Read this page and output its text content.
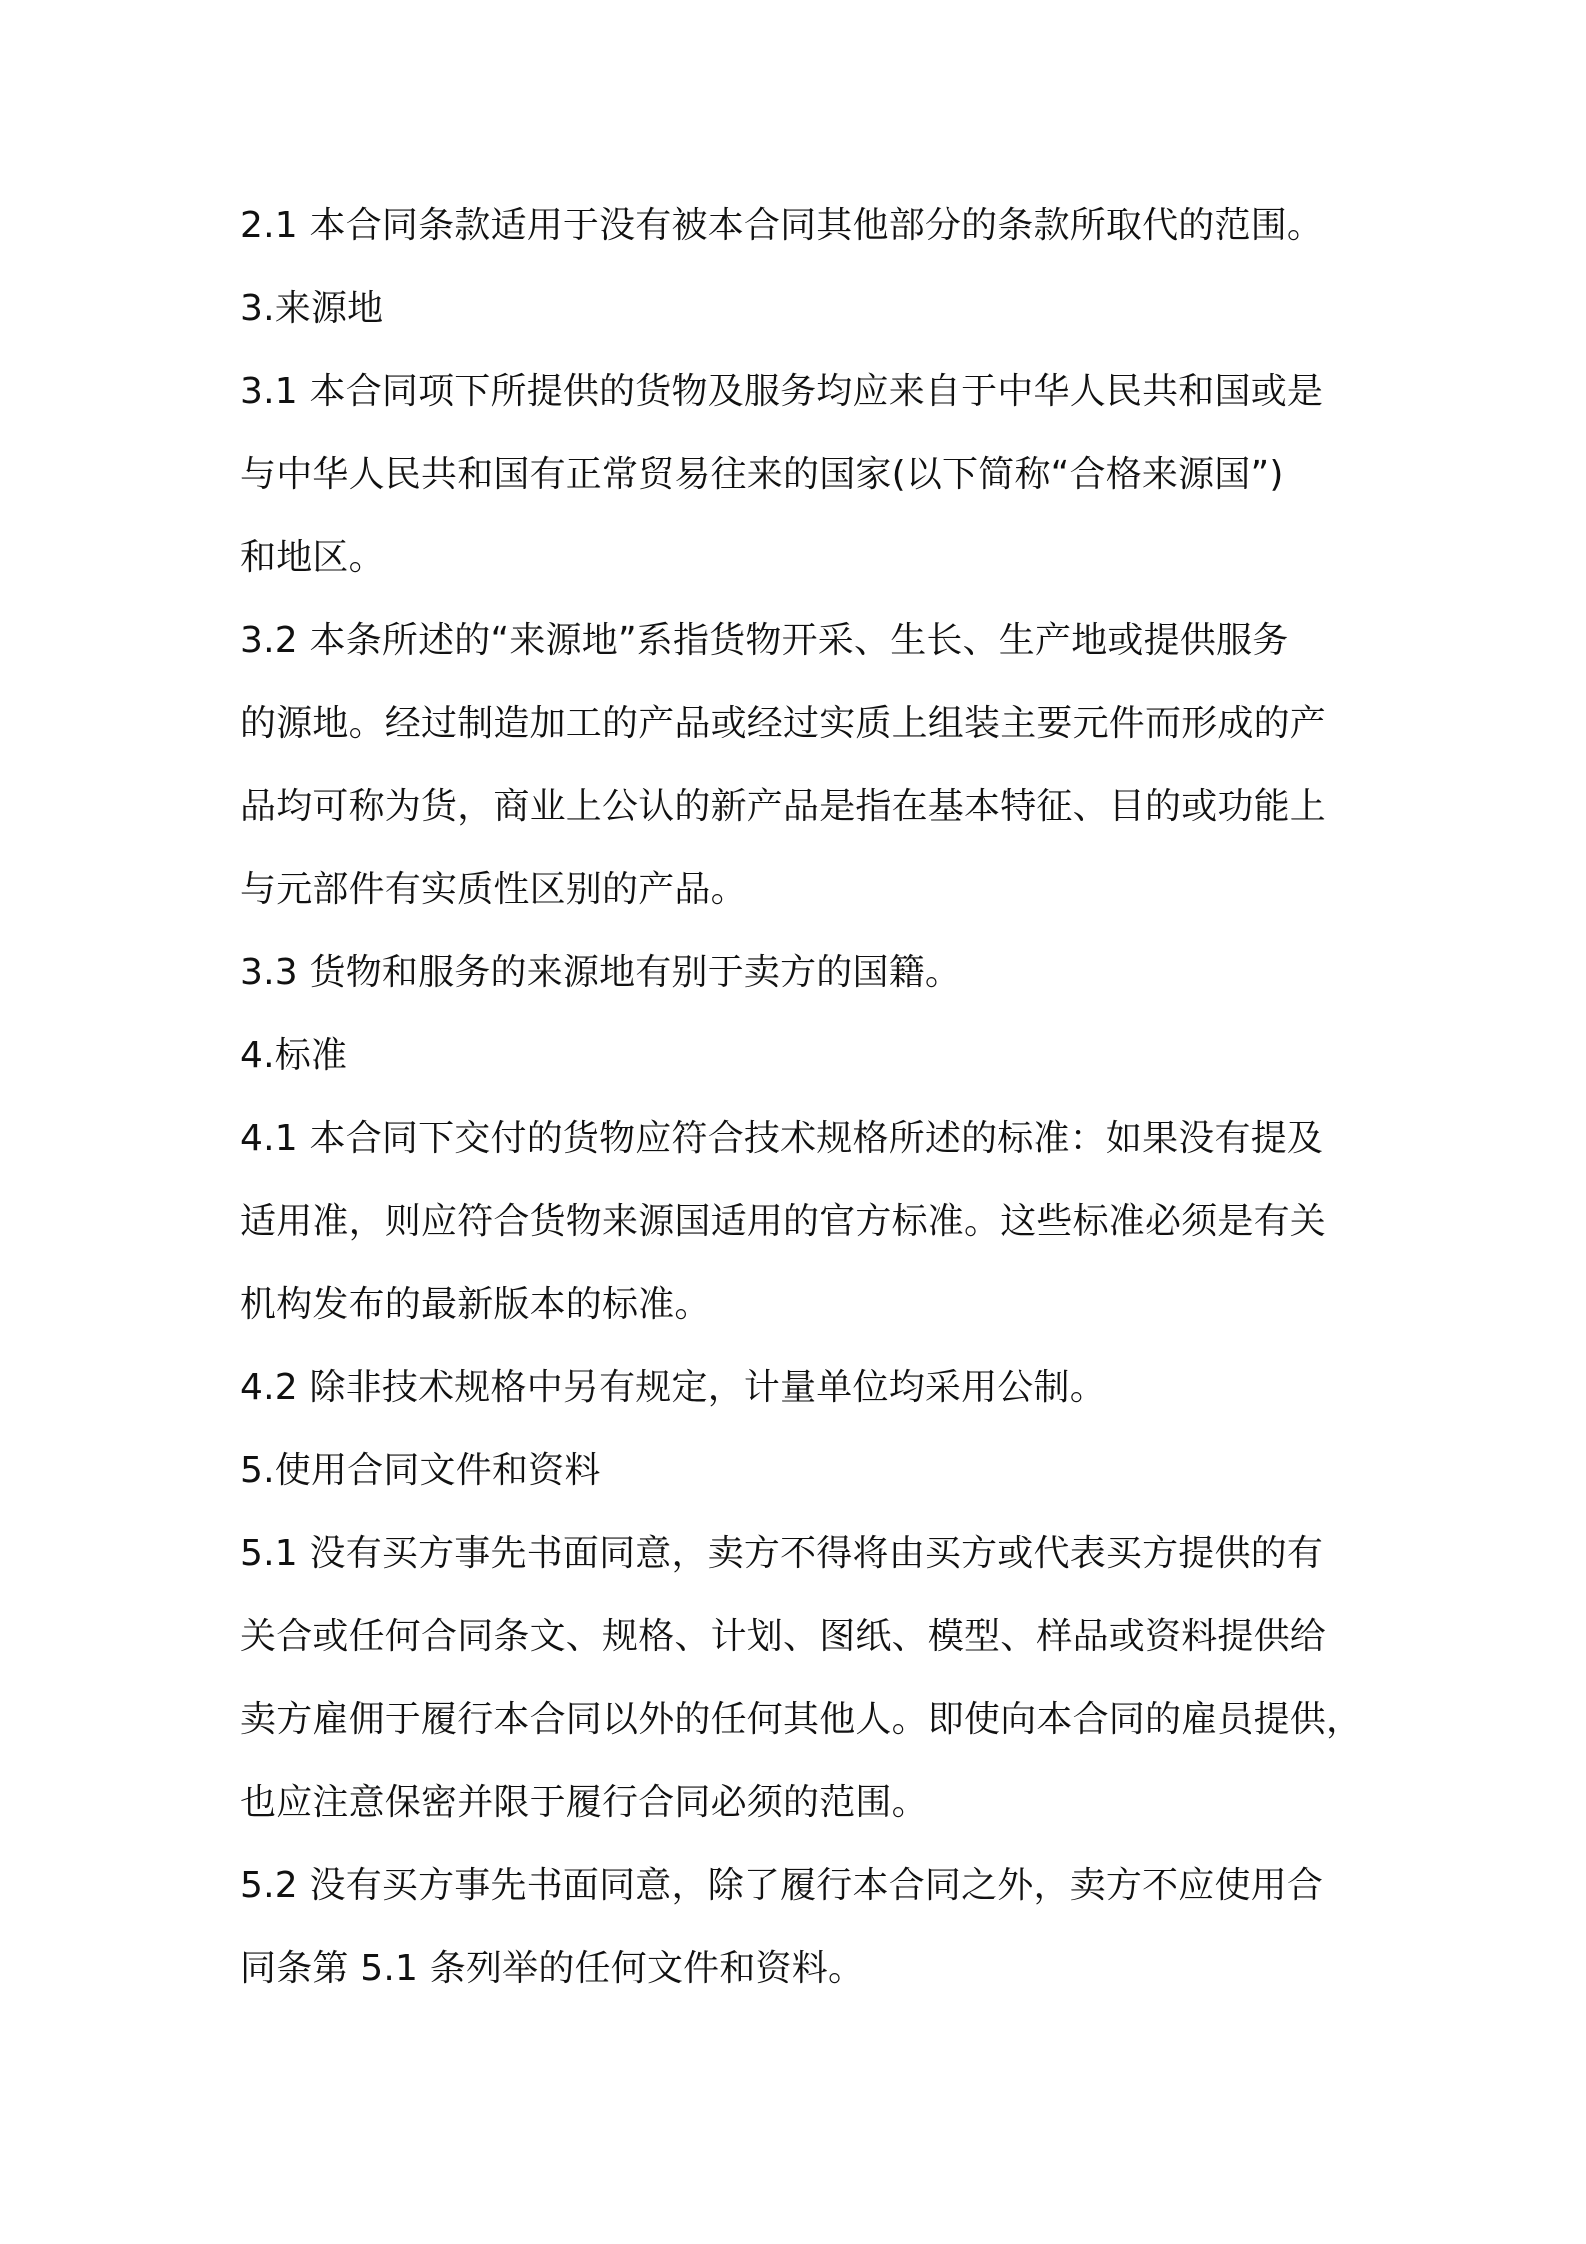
2.1 本合同条款适用于没有被本合同其他部分的条款所取代的范围。
3.来源地
3.1 本合同项下所提供的货物及服务均应来自于中华人民共和国或是
与中华人民共和国有正常贸易往来的国家(以下简称“合格来源国”)
和地区。
3.2 本条所述的“来源地”系指货物开采、生长、生产地或提供服务
的源地。经过制造加工的产品或经过实质上组装主要元件而形成的产
品均可称为货，商业上公认的新产品是指在基本特征、目的或功能上
与元部件有实质性区别的产品。
3.3 货物和服务的来源地有别于卖方的国籍。
4.标准
4.1 本合同下交付的货物应符合技术规格所述的标准：如果没有提及
适用准，则应符合货物来源国适用的官方标准。这些标准必须是有关
机构发布的最新版本的标准。
4.2 除非技术规格中另有规定，计量单位均采用公制。
5.使用合同文件和资料
5.1 没有买方事先书面同意，卖方不得将由买方或代表买方提供的有
关合或任何合同条文、规格、计划、图纸、模型、样品或资料提供给
卖方雇佣于履行本合同以外的任何其他人。即使向本合同的雇员提供，
也应注意保密并限于履行合同必须的范围。
5.2 没有买方事先书面同意，除了履行本合同之外，卖方不应使用合
同条第 5.1 条列举的任何文件和资料。
